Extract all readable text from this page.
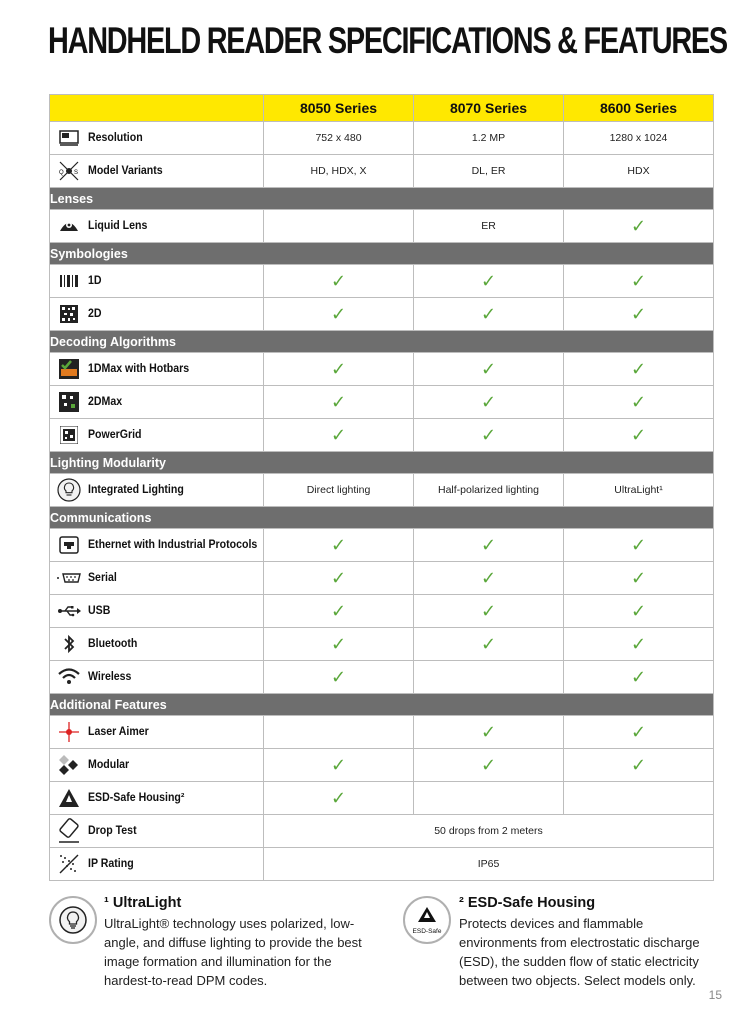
HANDHELD READER SPECIFICATIONS & FEATURES
	8050 Series	8070 Series	8600 Series

Resolution	752 x 480	1.2 MP	1280 x 1024

Q S Model Variants	HD, HDX, X	DL, ER	HDX
Lenses			

Liquid Lens		ER	✓
Symbologies			

1D	✓	✓	✓

2D	✓	✓	✓
Decoding Algorithms			

1DMax with Hotbars	✓	✓	✓

2DMax	✓	✓	✓

PowerGrid	✓	✓	✓
Lighting Modularity			

Integrated Lighting	Direct lighting	Half-polarized lighting	UltraLight¹
Communications			

Ethernet with Industrial Protocols	✓	✓	✓

Serial	✓	✓	✓

USB	✓	✓	✓

Bluetooth	✓	✓	✓

Wireless	✓		✓
Additional Features			

Laser Aimer		✓	✓

Modular	✓	✓	✓

ESD-Safe Housing²	✓		

Drop Test	50 drops from 2 meters		

IP Rating	IP65		
¹ UltraLight
UltraLight® technology uses polarized, low-angle, and diffuse lighting to provide the best image formation and illumination for the hardest-to-read DPM codes.
ESD-Safe
² ESD-Safe Housing
Protects devices and flammable environments from electrostatic discharge (ESD), the sudden flow of static electricity between two objects. Select models only.
15
